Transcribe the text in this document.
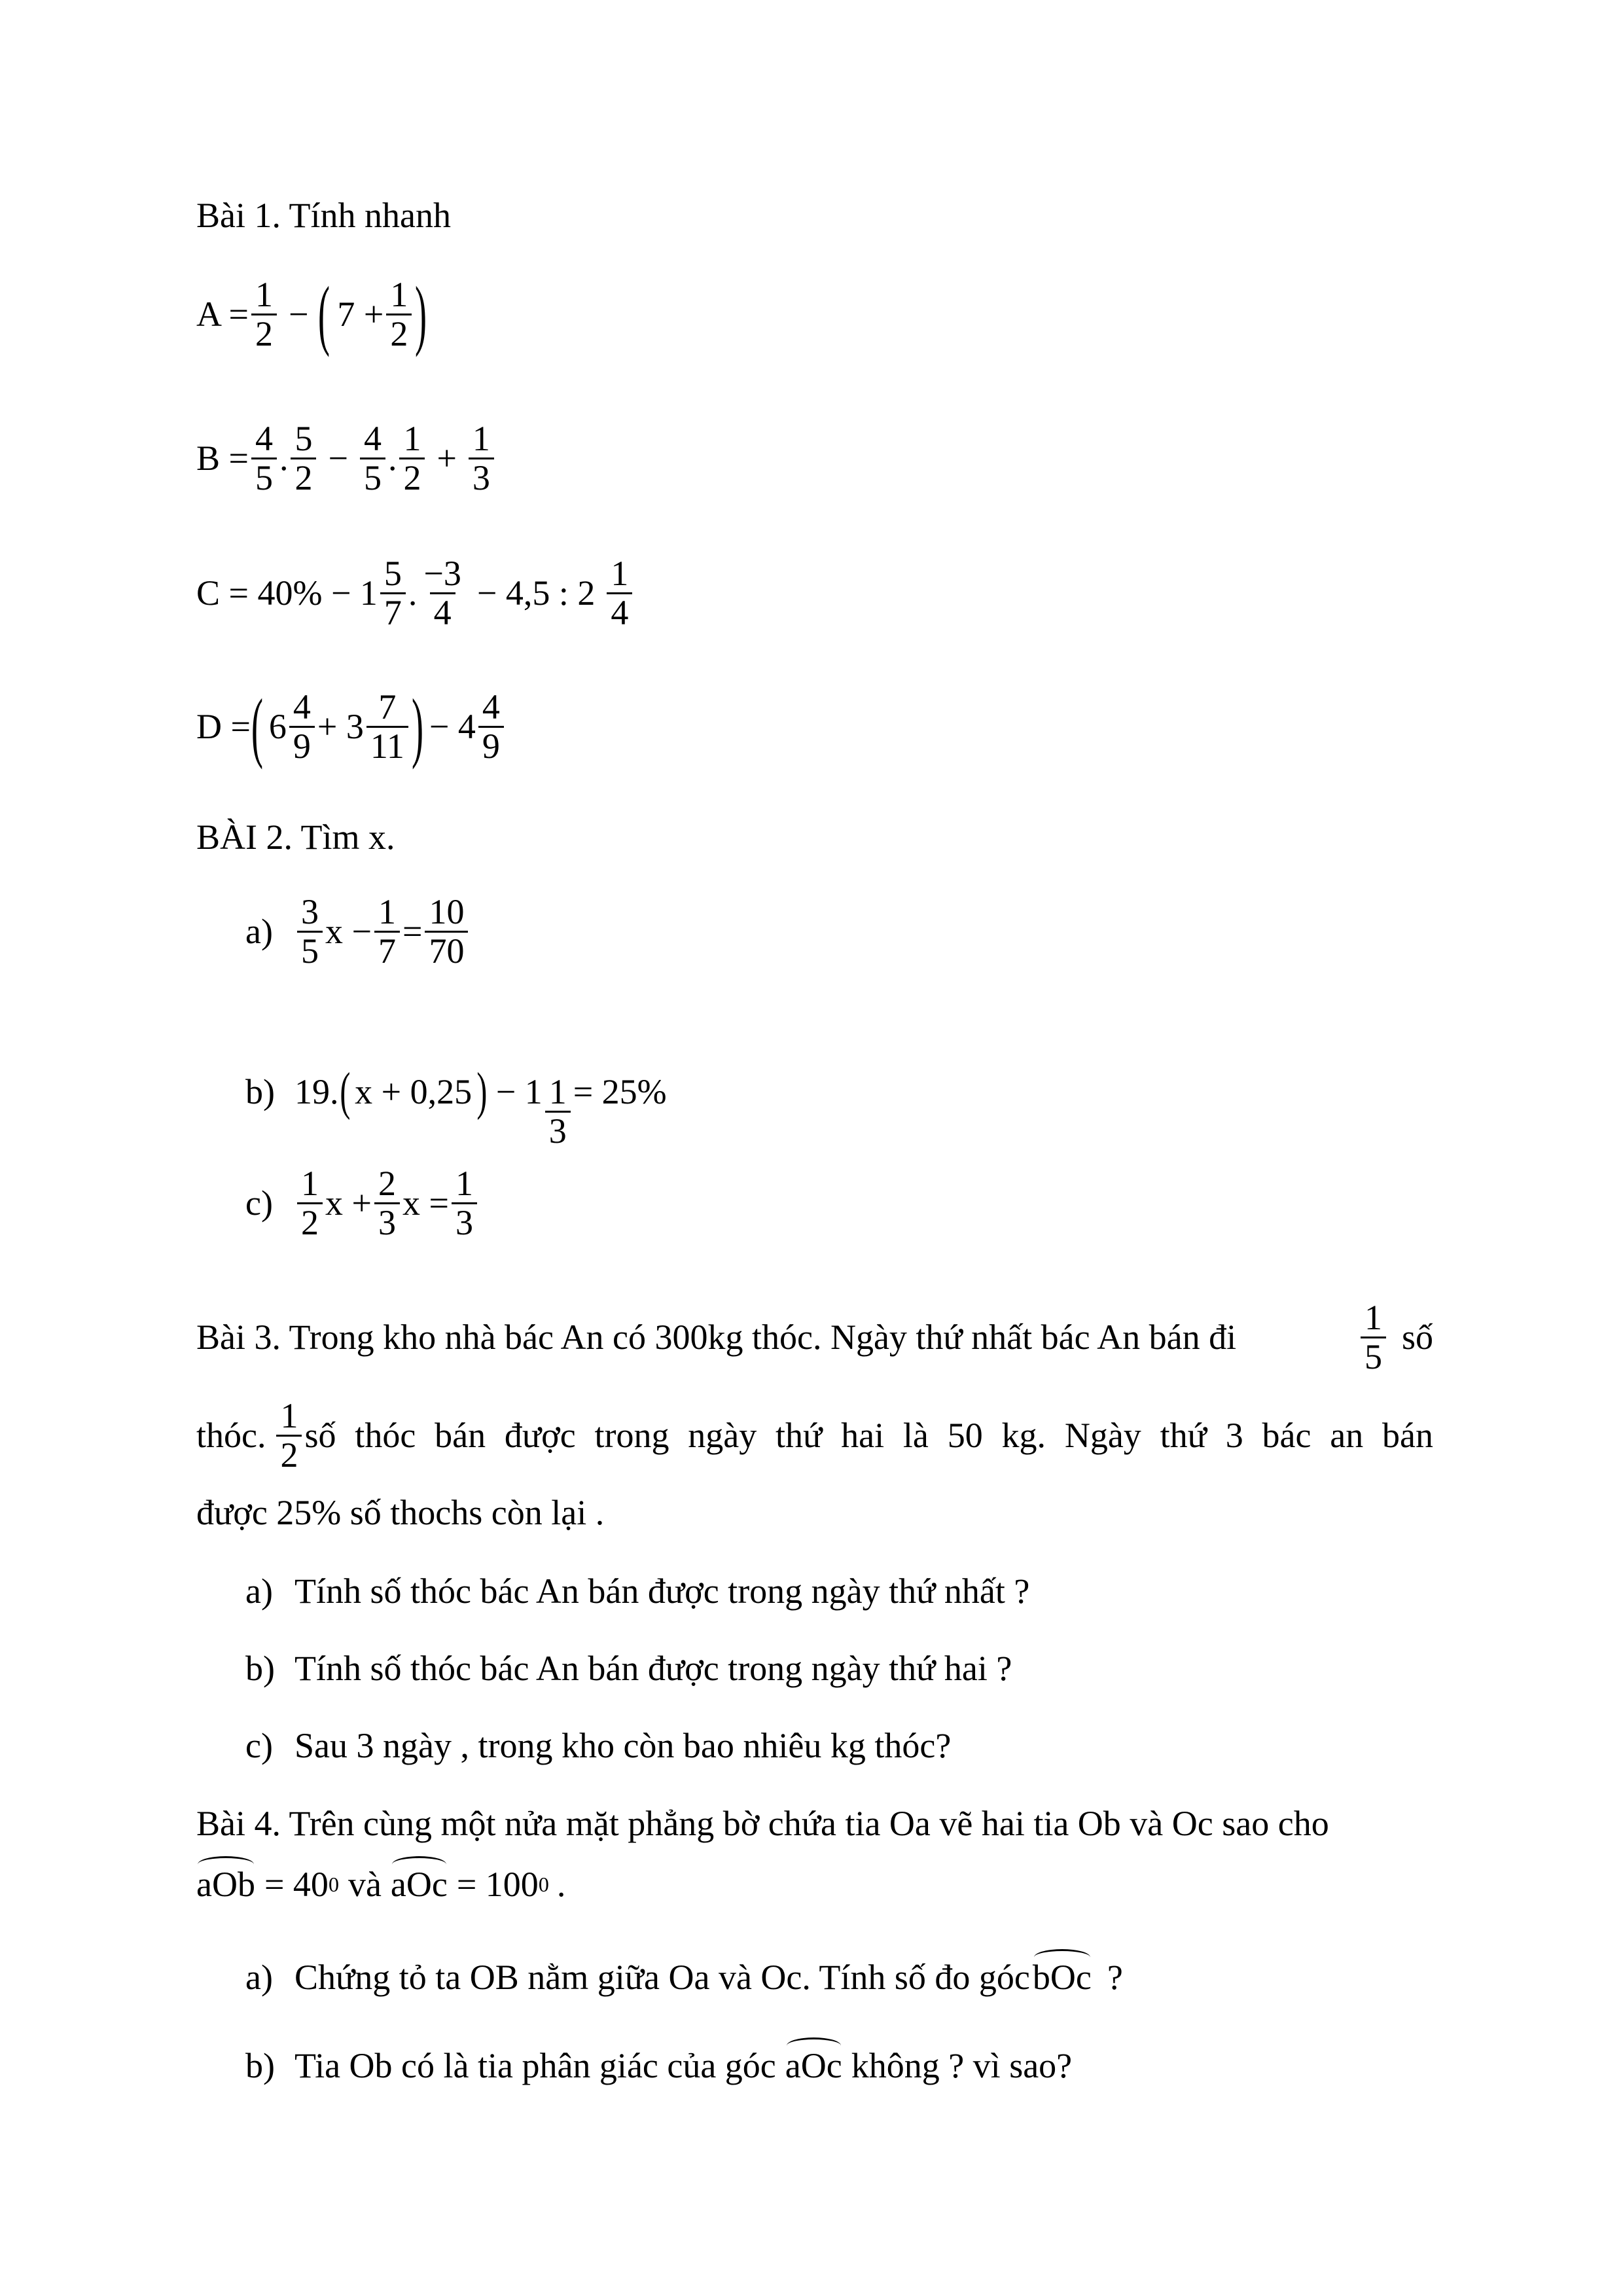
Bài 1. Tính nhanh
$A = \frac{1}{2}$ − ( $7 + \frac{1}{2}$ )
$B = \frac{4}{5}$ .
5
$2 - \frac{4}{5}$ .
1
$2 + \frac{1}{3}$
C = 40% − 1
5
7 .
−3
4 − 4,5 : 2
1
4
D = ( 6
4
9 + 3
7
11 ) − 4
4
9
BÀI 2. Tìm x.
a)
3
5 $x - \frac{1}{7} = \frac{10}{70}$
b) 19. ( x + 0,25 ) − $1 \frac{1}{3} = 25\%$
c)
1
2 $x + \frac{2}{3}$ $x = \frac{1}{3}$
Bài 3. Trong kho nhà bác An có 300kg thóc. Ngày thứ nhất bác An bán đi
1
5 số
thóc.
1
2 số thóc bán được trong ngày thứ hai là 50 kg. Ngày thứ 3 bác an bán
được 25% số thochs còn lại .
a) Tính số thóc bác An bán được trong ngày thứ nhất ?
b) Tính số thóc bác An bán được trong ngày thứ hai ?
c) Sau 3 ngày , trong kho còn bao nhiêu kg thóc?
Bài 4. Trên cùng một nửa mặt phẳng bờ chứa tia Oa vẽ hai tia Ob và Oc sao cho
aOb = 40 0 và aOc = 100 0 .
a) Chứng tỏ ta OB nằm giữa Oa và Oc. Tính số đo góc bOc ?
b) Tia Ob có là tia phân giác của góc aOc không ? vì sao?
